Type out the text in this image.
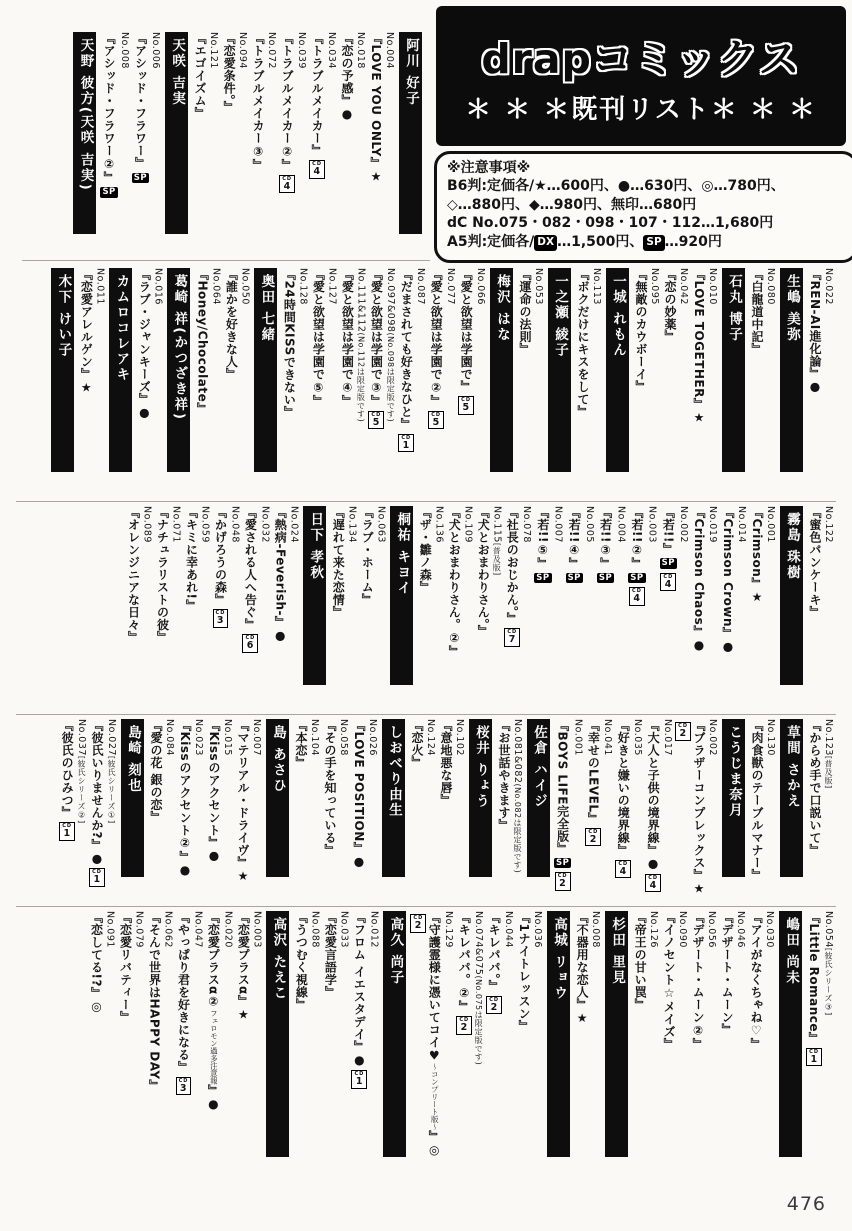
drapコミックス
＊ ＊ ＊既刊リスト＊ ＊ ＊
※注意事項※
B6判:定価各/★…600円、●…630円、◎…780円、
◇…880円、◆…980円、無印…680円
dC No.075・082・098・107・112…1,680円
A5判:定価各/ DX …1,500円、 SP …920円
阿川 好子
No.004
『LOVE YOU ONLY』★
No.018
『恋の予感』●
No.034
『トラブルメイカー』
CD
4
No.039
『トラブルメイカー②』
CD
4
No.072
『トラブルメイカー③』
No.094
『恋愛条件。』
No.121
『エゴイズム』
天咲 吉実
No.006
『アシッド・フラワー』SP
No.008
『アシッド・フラワー②』SP
天野 彼方(天咲 吉実)
No.022
『REN-AI進化論』●
生嶋 美弥
No.080
『白龍道中記』
石丸 博子
No.010
『LOVE TOGETHER』★
No.042
『恋の妙薬』
No.095
『無敵のカウボーイ』
一城 れもん
No.113
『ボクだけにキスをして』
一之瀬 綾子
No.053
『運命の法則』
梅沢 はな
No.066
『愛と欲望は学園で』
CD
5
No.077
『愛と欲望は学園で②』
CD
5
No.087
『だまされても好きなひと』
CD
1
No.097&098(No.098は限定版です)
『愛と欲望は学園で③』
CD
5
No.111&112(No.112は限定版です)
『愛と欲望は学園で④』
No.127
『愛と欲望は学園で⑤』
No.128
『24時間KISSできない』
奥田 七緒
No.050
『誰かを好きな人』
No.064
『Honey/Chocolate』
葛崎 祥(かつざき祥)
No.016
『ラブ・ジャンキーズ』●
カムロコレアキ
No.011
『恋愛アレルゲン』★
木下 けい子
No.122
『蜜色パンケーキ』
霧島 珠樹
No.001
『Crimson』★
No.014
『Crimson Crown』●
No.019
『Crimson Chaos』●
No.002
『若!!』SP
CD
4
No.003
『若!!②』SP
CD
4
No.004
『若!!③』SP
No.005
『若!!④』SP
No.007
『若!!⑤』SP
No.078
『社長のおじかん。』
CD
7
No.115[普及版]
『犬とおまわりさん。』
No.109
『犬とおまわりさん。②』
No.136
『ザ・雛ノ森』
桐祐 キヨイ
No.063
『ラブ・ホーム』
No.134
『遅れて来た恋情』
日下 孝秋
No.024
『熱病-Feverish-』●
No.032
『愛される人へ告ぐ』
CD
6
No.048
『かげろうの森』
CD
3
No.059
『キミに幸あれ!』
No.071
『ナチュラリストの彼』
No.089
『オレンジニアな日々』
No.123[普及版]
『からめ手で口説いて』
草間 さかえ
No.130
『肉食獣のテーブルマナー』
こうじま奈月
No.002
『ブラザーコンプレックス』★
CD
2
No.017
『大人と子供の境界線』●
CD
4
No.035
『好きと嫌いの境界線』
CD
4
No.041
『幸せのLEVEL』
CD
2
No.001
『BOYS LIFE完全版』SP
CD
2
佐倉 ハイジ
No.081&082(No.082は限定版です)
『お世話やきます』
桜井 りょう
No.102
『意地悪な唇』
No.124
『恋火』
しおべり由生
No.026
『LOVE POSITION』●
No.058
『その手を知っている』
No.104
『本恋』
島 あさひ
No.007
『マテリアル・ドライヴ』★
No.015
『Kissのアクセント』●
No.023
『Kissのアクセント②』●
No.084
『愛の花 銀の恋』
島崎 刻也
No.027[彼氏シリーズ①]
『彼氏いりませんか?』●
CD
1
No.037[彼氏シリーズ②]
『彼氏のひみつ』
CD
1
No.054[彼氏シリーズ③]
『Little Romance』
CD
1
嶋田 尚未
No.030
『アイがなくちゃね♡』
No.046
『デザート・ムーン』
No.056
『デザート・ムーン②』
No.090
『イノセント☆メイズ』
No.126
『帝王の甘い罠』
杉田 里見
No.008
『不器用な恋人』★
高城 リョウ
No.036
『1ナイトレッスン』
No.044
『キレパパ。』
CD
2
No.074&075(No.075は限定版です)
『キレパパ。②』
CD
2
No.129
『守護霊様に憑いてコイ♥〜コンプリート版〜』◎
CD
2
高久 尚子
No.012
『フロム イエスタデイ』●
CD
1
No.033
『恋愛言語学』
No.088
『うつむく視線』
高沢 たえこ
No.003
『恋愛プラスα』★
No.020
『恋愛プラスα②フェロモン過多注意報』●
No.047
『やっぱり君を好きになる』
CD
3
No.062
『そんで世界はHAPPY DAY』
No.079
『恋愛リバティー』
No.091
『恋してる!?』◎
476
